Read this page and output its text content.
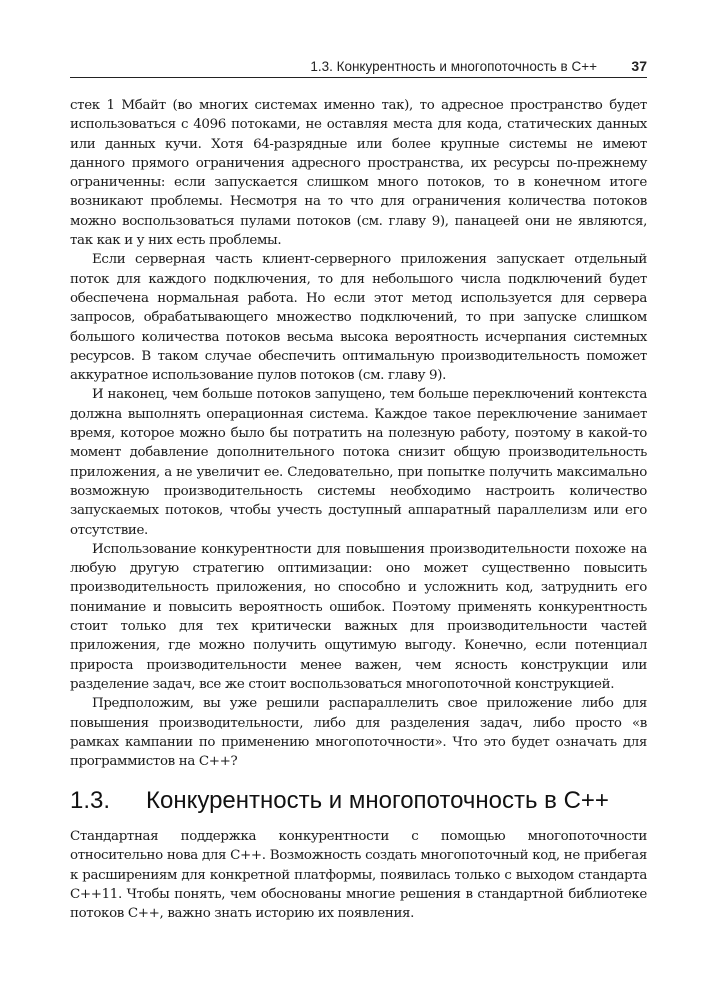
1.3. Конкурентность и многопоточность в C++ 37

стек 1 Мбайт (во многих системах именно так), то адресное пространство будет использоваться с 4096 потоками, не оставляя места для кода, статических данных или данных кучи. Хотя 64-разрядные или более крупные системы не имеют данного прямого ограничения адресного пространства, их ресурсы по-прежнему ограниченны: если запускается слишком много потоков, то в конечном итоге возникают проблемы. Несмотря на то что для ограничения количества потоков можно воспользоваться пулами потоков (см. главу 9), панацеей они не являются, так как и у них есть проблемы.

Если серверная часть клиент-серверного приложения запускает отдельный поток для каждого подключения, то для небольшого числа подключений будет обеспечена нормальная работа. Но если этот метод используется для сервера запросов, обрабатывающего множество подключений, то при запуске слишком большого количества потоков весьма высока вероятность исчерпания системных ресурсов. В таком случае обеспечить оптимальную производительность поможет аккуратное использование пулов потоков (см. главу 9).

И наконец, чем больше потоков запущено, тем больше переключений контекста должна выполнять операционная система. Каждое такое переключение занимает время, которое можно было бы потратить на полезную работу, поэтому в какой-то момент добавление дополнительного потока снизит общую производительность приложения, а не увеличит ее. Следовательно, при попытке получить максимально возможную производительность системы необходимо настроить количество запускаемых потоков, чтобы учесть доступный аппаратный параллелизм или его отсутствие.

Использование конкурентности для повышения производительности похоже на любую другую стратегию оптимизации: оно может существенно повысить производительность приложения, но способно и усложнить код, затруднить его понимание и повысить вероятность ошибок. Поэтому применять конкурентность стоит только для тех критически важных для производительности частей приложения, где можно получить ощутимую выгоду. Конечно, если потенциал прироста производительности менее важен, чем ясность конструкции или разделение задач, все же стоит воспользоваться многопоточной конструкцией.

Предположим, вы уже решили распараллелить свое приложение либо для повышения производительности, либо для разделения задач, либо просто «в рамках кампании по применению многопоточности». Что это будет означать для программистов на C++?

1.3. Конкурентность и многопоточность в C++

Стандартная поддержка конкурентности с помощью многопоточности относительно нова для C++. Возможность создать многопоточный код, не прибегая к расширениям для конкретной платформы, появилась только с выходом стандарта C++11. Чтобы понять, чем обоснованы многие решения в стандартной библиотеке потоков C++, важно знать историю их появления.
